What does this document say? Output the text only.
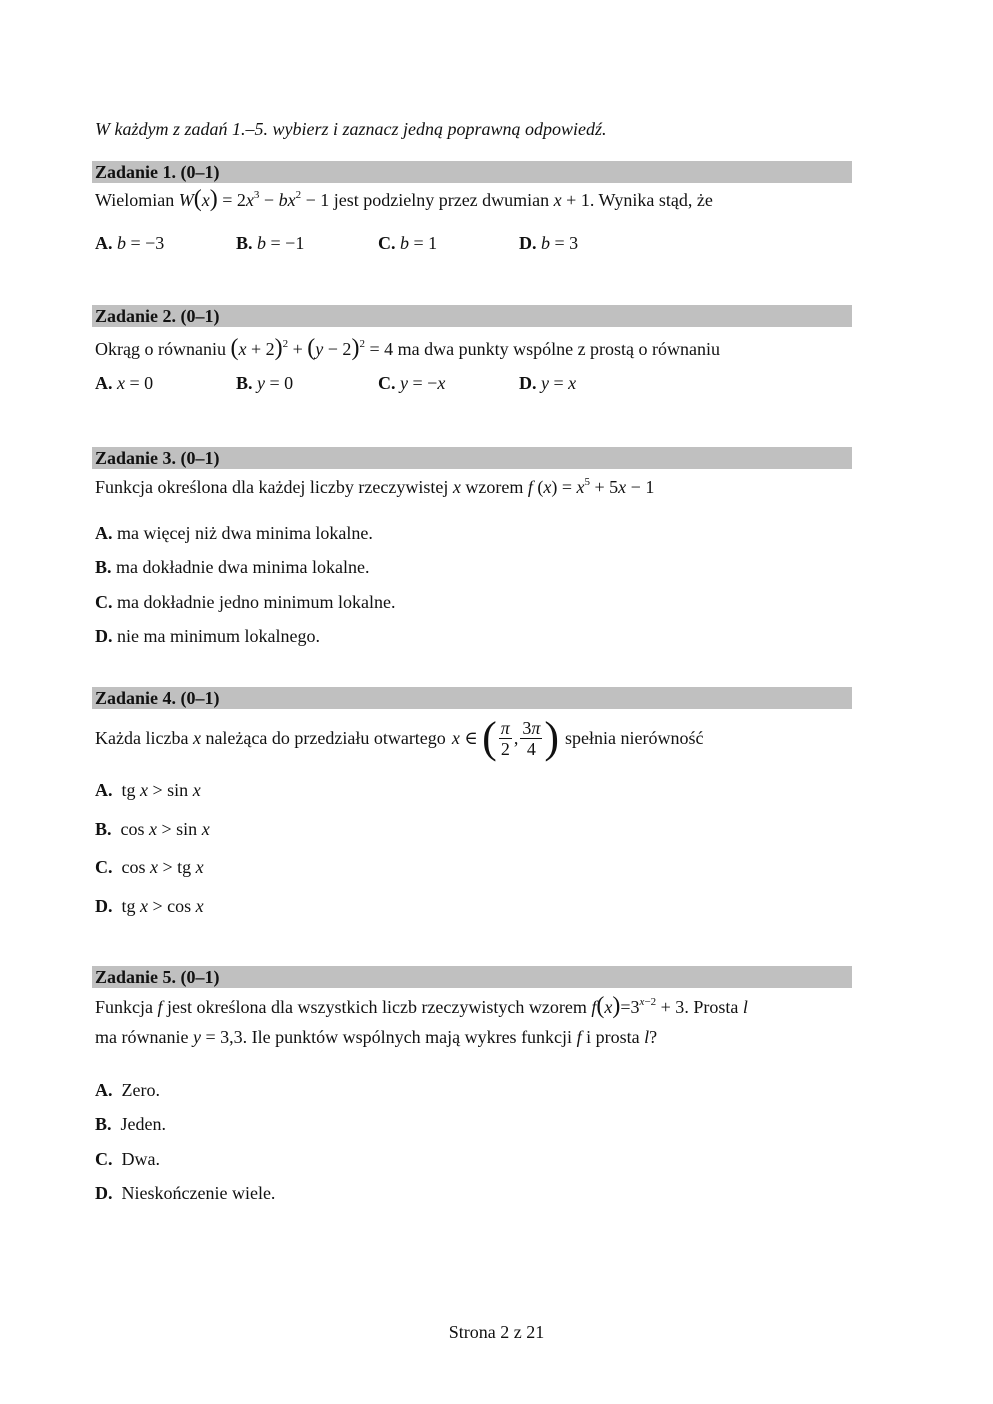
W każdym z zadań 1.–5. wybierz i zaznacz jedną poprawną odpowiedź.
Zadanie 1. (0–1)
Wielomian $W(x) = 2x^3 - bx^2 - 1$ jest podzielny przez dwumian x + 1. Wynika stąd, że
A. b = −3	B. b = −1	C. b = 1	D. b = 3
Zadanie 2. (0–1)
Okrąg o równaniu $(x + 2)^2 + (y - 2)^2 = 4$ ma dwa punkty wspólne z prostą o równaniu
A. x = 0	B. y = 0	C. y = −x	D. y = x
Zadanie 3. (0–1)
Funkcja określona dla każdej liczby rzeczywistej x wzorem f $(x) = x^5 + 5x - 1$
A. ma więcej niż dwa minima lokalne.
B. ma dokładnie dwa minima lokalne.
C. ma dokładnie jedno minimum lokalne.
D. nie ma minimum lokalnego.
Zadanie 4. (0–1)
Każda liczba
x
należąca do przedziału otwartego x ∈ ( $\frac{\pi}{2}$ , $\frac{3\pi}{4}$ ) spełnia nierówność
A.  tg x > sin x
B.  cos x > sin x
C.  cos x > tg x
D.  tg x > cos x
Zadanie 5. (0–1)
Funkcja f jest określona dla wszystkich liczb rzeczywistych wzorem $f(x)=3^{x-2} + 3$. Prosta l
ma równanie y = 3,3. Ile punktów wspólnych mają wykres funkcji f i prosta l?
A. Zero.
B. Jeden.
C. Dwa.
D. Nieskończenie wiele.
Strona 2 z 21
